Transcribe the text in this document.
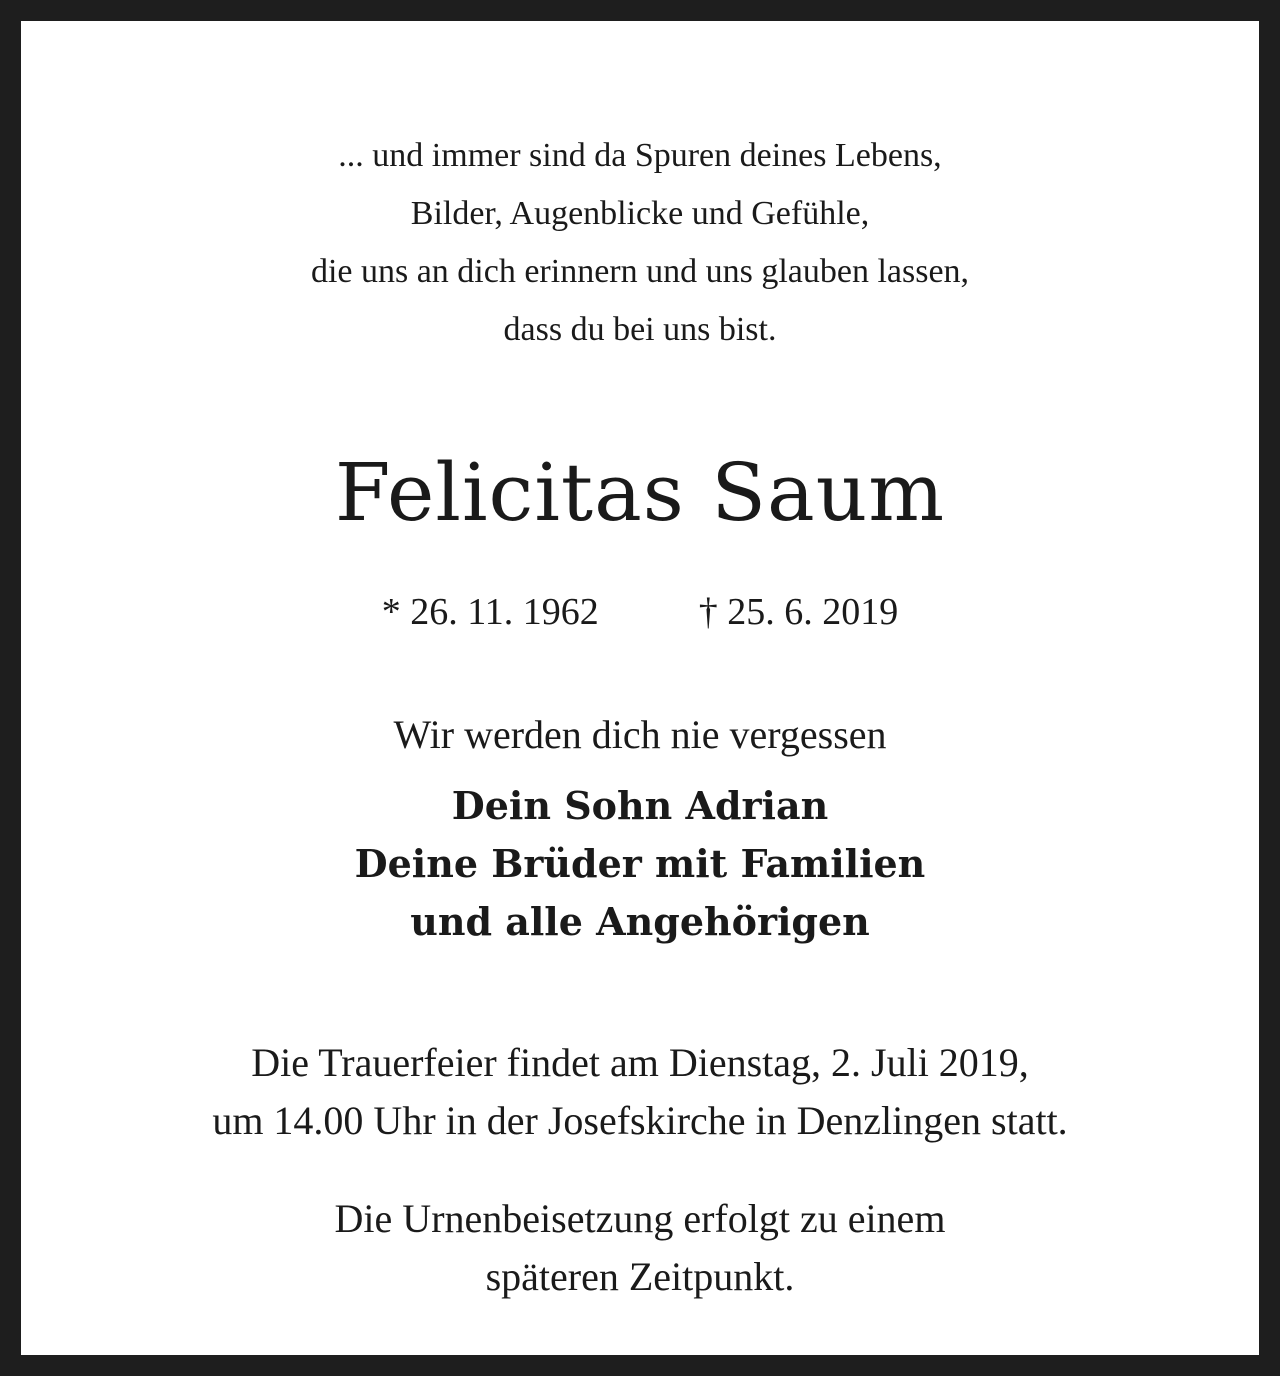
... und immer sind da Spuren deines Lebens,
Bilder, Augenblicke und Gefühle,
die uns an dich erinnern und uns glauben lassen,
dass du bei uns bist.
Felicitas Saum
* 26. 11. 1962	† 25. 6. 2019
Wir werden dich nie vergessen
Dein Sohn Adrian
Deine Brüder mit Familien
und alle Angehörigen
Die Trauerfeier findet am Dienstag, 2. Juli 2019,
um 14.00 Uhr in der Josefskirche in Denzlingen statt.
Die Urnenbeisetzung erfolgt zu einem
späteren Zeitpunkt.
